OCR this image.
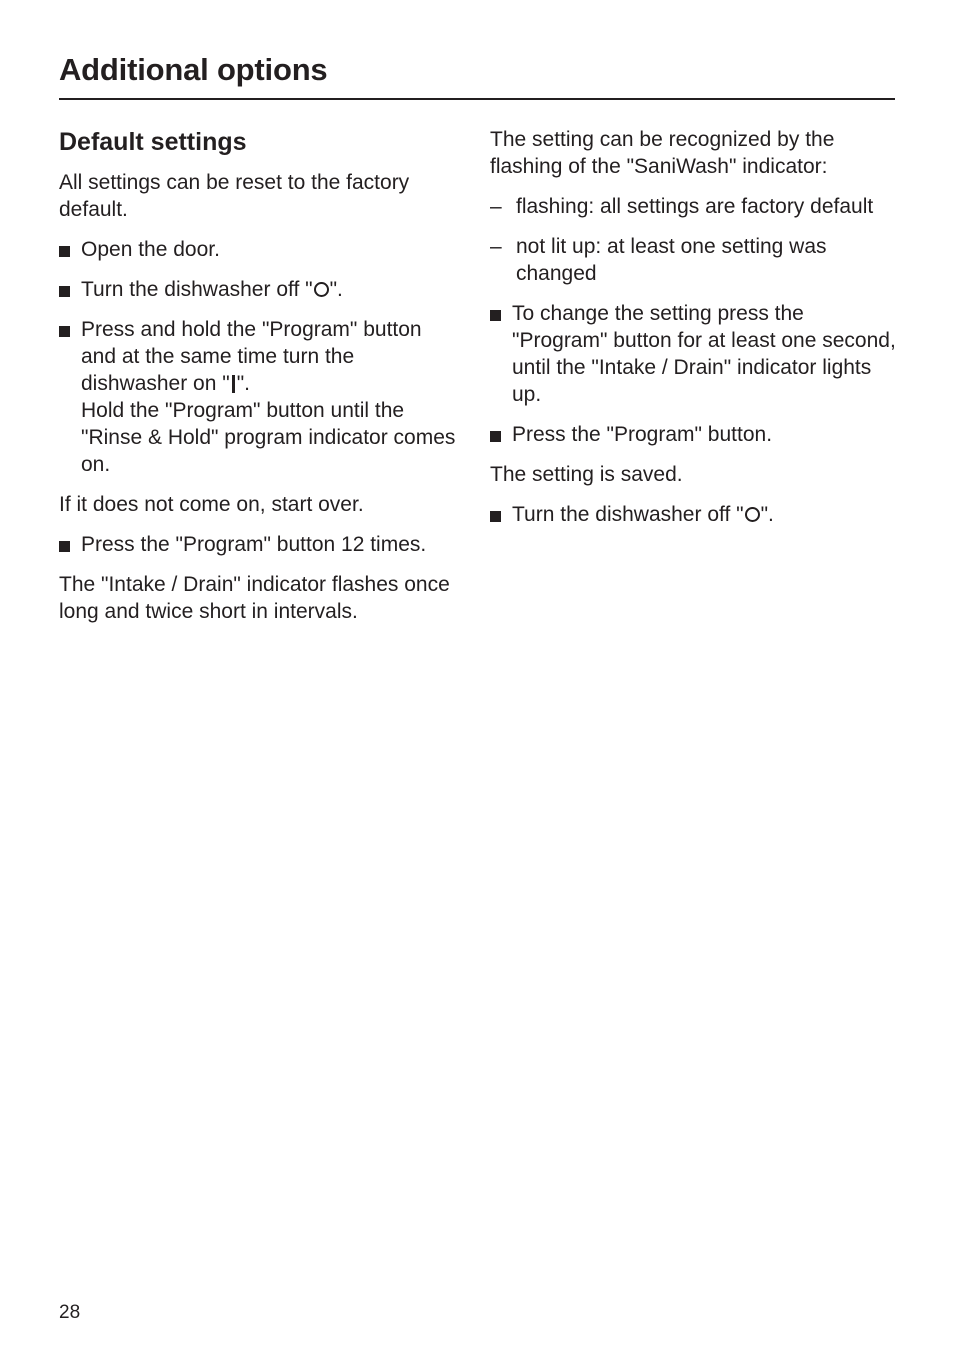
Additional options
Default settings

All settings can be reset to the factory default.

Open the door.
Turn the dishwasher off " ".
Press and hold the "Program" button and at the same time turn the dishwasher on " ".
Hold the "Program" button until the "Rinse & Hold" program indicator comes on.

If it does not come on, start over.

Press the "Program" button 12 times.

The "Intake / Drain" indicator flashes once long and twice short in intervals.

The setting can be recognized by the flashing of the "SaniWash" indicator:

– flashing: all settings are factory default
– not lit up: at least one setting was changed
To change the setting press the "Program" button for at least one second, until the "Intake / Drain" indicator lights up.
Press the "Program" button.

The setting is saved.

Turn the dishwasher off " ".
28
